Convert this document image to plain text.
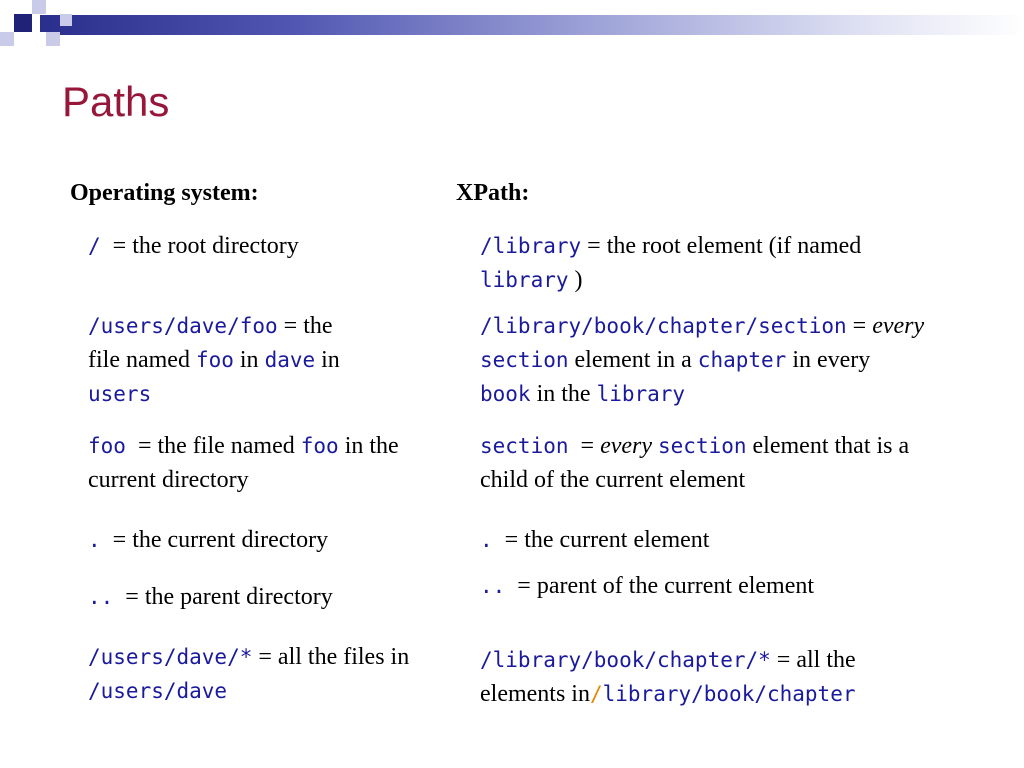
Paths
Operating system:	XPath:
/ = the root directory
/users/dave/foo = the
file named foo in dave in
users
foo = the file named foo in the current directory
. = the current directory
.. = the parent directory
/users/dave/* = all the files in
/users/dave
/library = the root element (if named
library )
/library/book/chapter/section = every
section element in a chapter in every
book in the library
section = every section element that is a child of the current element
. = the current element
.. = parent of the current element
/library/book/chapter/* = all the elements in/library/book/chapter
